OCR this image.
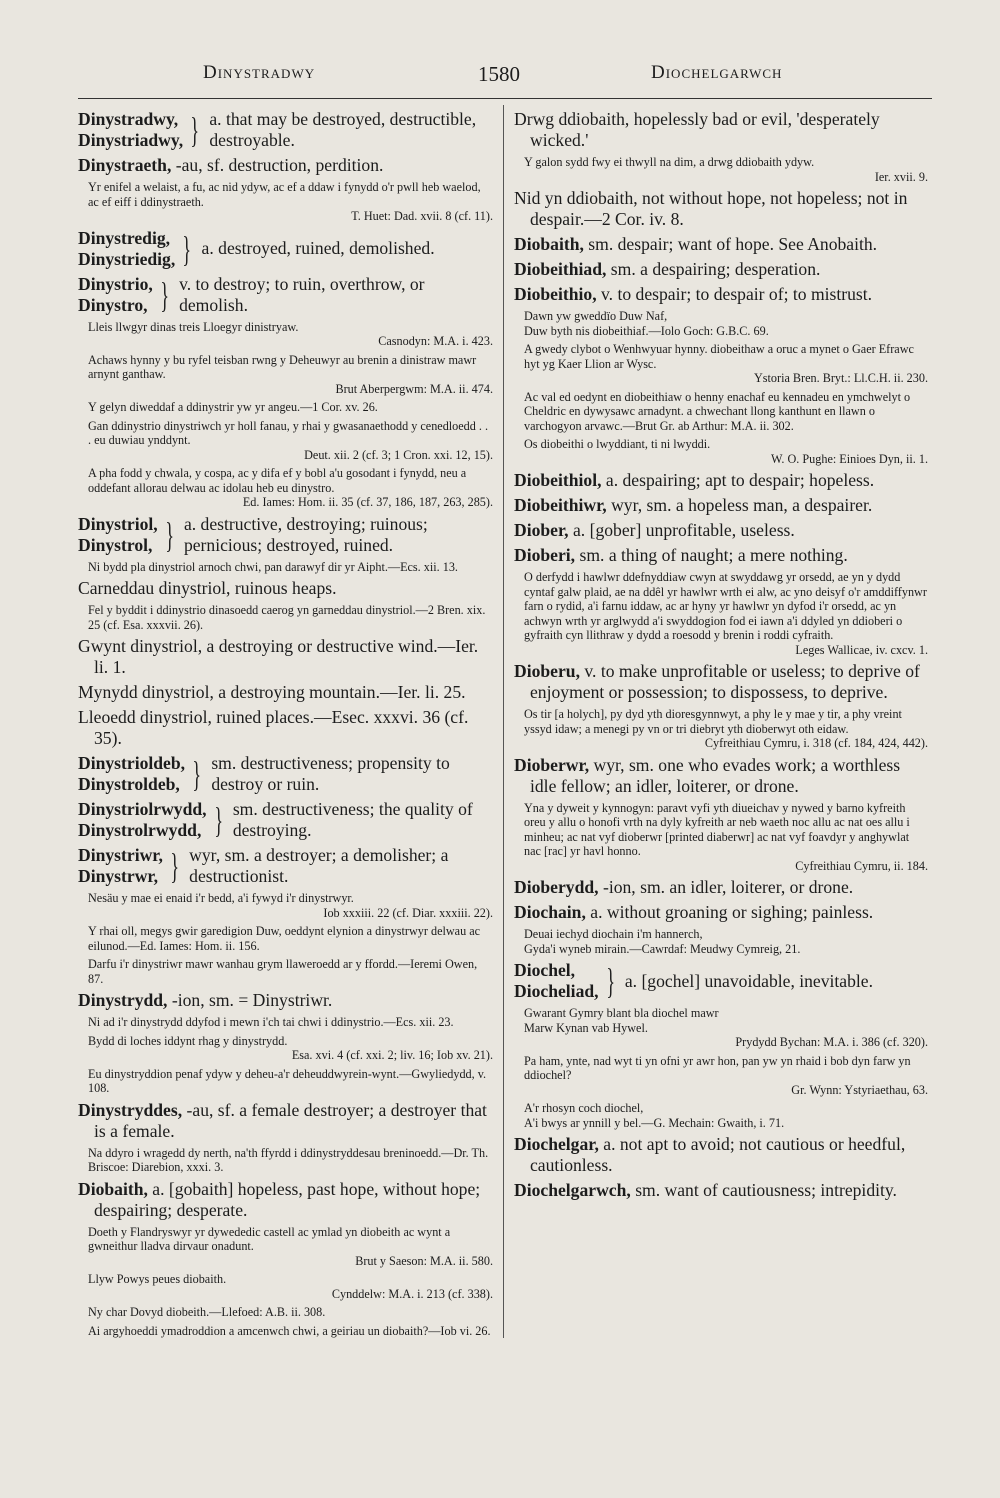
Dinystradwy	1580	Diochelgarwch
Dinystradwy,
Dinystriadwy, } a. that may be destroyed, destructible, destroyable.
Dinystraeth, -au, sf. destruction, perdition.
Yr enifel a welaist, a fu, ac nid ydyw, ac ef a ddaw i fynydd o'r pwll heb waelod, ac ef eiff i ddinystraeth.
T. Huet: Dad. xvii. 8 (cf. 11).
Dinystredig,
Dinystriedig, } a. destroyed, ruined, demolished.
Dinystrio,
Dinystro, } v. to destroy; to ruin, overthrow, or demolish.
Lleis llwgyr dinas treis Lloegyr dinistryaw.
Casnodyn: M.A. i. 423.
Achaws hynny y bu ryfel teisban rwng y Deheuwyr au brenin a dinistraw mawr arnynt ganthaw.
Brut Aberpergwm: M.A. ii. 474.
Y gelyn diweddaf a ddinystrir yw yr angeu.—1 Cor. xv. 26.
Gan ddinystrio dinystriwch yr holl fanau, y rhai y gwasanaethodd y cenedloedd . . . eu duwiau ynddynt.
Deut. xii. 2 (cf. 3; 1 Cron. xxi. 12, 15).
A pha fodd y chwala, y cospa, ac y difa ef y bobl a'u gosodant i fynydd, neu a oddefant allorau delwau ac idolau heb eu dinystro.
Ed. Iames: Hom. ii. 35 (cf. 37, 186, 187, 263, 285).
Dinystriol,
Dinystrol, } a. destructive, destroying; ruinous; pernicious; destroyed, ruined.
Ni bydd pla dinystriol arnoch chwi, pan darawyf dir yr Aipht.—Ecs. xii. 13.
Carneddau dinystriol, ruinous heaps.
Fel y byddit i ddinystrio dinasoedd caerog yn garneddau dinystriol.—2 Bren. xix. 25 (cf. Esa. xxxvii. 26).
Gwynt dinystriol, a destroying or destructive wind.—Ier. li. 1.
Mynydd dinystriol, a destroying mountain.—Ier. li. 25.
Lleoedd dinystriol, ruined places.—Esec. xxxvi. 36 (cf. 35).
Dinystrioldeb,
Dinystroldeb, } sm. destructiveness; propensity to destroy or ruin.
Dinystriolrwydd,
Dinystrolrwydd, } sm. destructiveness; the quality of destroying.
Dinystriwr,
Dinystrwr, } wyr, sm. a destroyer; a demolisher; a destructionist.
Nesäu y mae ei enaid i'r bedd, a'i fywyd i'r dinystrwyr.
Iob xxxiii. 22 (cf. Diar. xxxiii. 22).
Y rhai oll, megys gwir garedigion Duw, oeddynt elynion a dinystrwyr delwau ac eilunod.—Ed. Iames: Hom. ii. 156.
Darfu i'r dinystriwr mawr wanhau grym llaweroedd ar y ffordd.—Ieremi Owen, 87.
Dinystrydd, -ion, sm. = Dinystriwr.
Ni ad i'r dinystrydd ddyfod i mewn i'ch tai chwi i ddinystrio.—Ecs. xii. 23.
Bydd di loches iddynt rhag y dinystrydd.
Esa. xvi. 4 (cf. xxi. 2; liv. 16; Iob xv. 21).
Eu dinystryddion penaf ydyw y deheu-a'r deheuddwyrein-wynt.—Gwyliedydd, v. 108.
Dinystryddes, -au, sf. a female destroyer; a destroyer that is a female.
Na ddyro i wragedd dy nerth, na'th ffyrdd i ddinystryddesau breninoedd.—Dr. Th. Briscoe: Diarebion, xxxi. 3.
Diobaith, a. [gobaith] hopeless, past hope, without hope; despairing; desperate.
Doeth y Flandryswyr yr dywededic castell ac ymlad yn diobeith ac wynt a gwneithur lladva dirvaur onadunt.
Brut y Saeson: M.A. ii. 580.
Llyw Powys peues diobaith.
Cynddelw: M.A. i. 213 (cf. 338).
Ny char Dovyd diobeith.—Llefoed: A.B. ii. 308.
Ai argyhoeddi ymadroddion a amcenwch chwi, a geiriau un diobaith?—Iob vi. 26.
Drwg ddiobaith, hopelessly bad or evil, 'desperately wicked.'
Y galon sydd fwy ei thwyll na dim, a drwg ddiobaith ydyw.
Ier. xvii. 9.
Nid yn ddiobaith, not without hope, not hopeless; not in despair.—2 Cor. iv. 8.
Diobaith, sm. despair; want of hope. See Anobaith.
Diobeithiad, sm. a despairing; desperation.
Diobeithio, v. to despair; to despair of; to mistrust.
Dawn yw gweddïo Duw Naf,
Duw byth nis diobeithiaf.—Iolo Goch: G.B.C. 69.
A gwedy clybot o Wenhwyuar hynny. diobeithaw a oruc a mynet o Gaer Efrawc hyt yg Kaer Llion ar Wysc.
Ystoria Bren. Bryt.: Ll.C.H. ii. 230.
Ac val ed oedynt en diobeithiaw o henny enachaf eu kennadeu en ymchwelyt o Cheldric en dywysawc arnadynt. a chwechant llong kanthunt en llawn o varchogyon arvawc.—Brut Gr. ab Arthur: M.A. ii. 302.
Os diobeithi o lwyddiant, ti ni lwyddi.
W. O. Pughe: Einioes Dyn, ii. 1.
Diobeithiol, a. despairing; apt to despair; hopeless.
Diobeithiwr, wyr, sm. a hopeless man, a despairer.
Diober, a. [gober] unprofitable, useless.
Dioberi, sm. a thing of naught; a mere nothing.
O derfydd i hawlwr ddefnyddiaw cwyn at swyddawg yr orsedd, ae yn y dydd cyntaf galw plaid, ae na ddêl yr hawlwr wrth ei alw, ac yno deisyf o'r amddiffynwr farn o rydid, a'i farnu iddaw, ac ar hyny yr hawlwr yn dyfod i'r orsedd, ac yn achwyn wrth yr arglwydd a'i swyddogion fod ei iawn a'i ddyled yn ddioberi o gyfraith cyn llithraw y dydd a roesodd y brenin i roddi cyfraith.
Leges Wallicae, iv. cxcv. 1.
Dioberu, v. to make unprofitable or useless; to deprive of enjoyment or possession; to dispossess, to deprive.
Os tir [a holych], py dyd yth dioresgynnwyt, a phy le y mae y tir, a phy vreint yssyd idaw; a menegi py vn or tri diebryt yth dioberwyt oth eidaw.
Cyfreithiau Cymru, i. 318 (cf. 184, 424, 442).
Dioberwr, wyr, sm. one who evades work; a worthless idle fellow; an idler, loiterer, or drone.
Yna y dyweit y kynnogyn: paravt vyfi yth diueichav y nywed y barno kyfreith oreu y allu o honofi vrth na dyly kyfreith ar neb waeth noc allu ac nat oes allu i minheu; ac nat vyf dioberwr [printed diaberwr] ac nat vyf foavdyr y anghywlat nac [rac] yr havl honno.
Cyfreithiau Cymru, ii. 184.
Dioberydd, -ion, sm. an idler, loiterer, or drone.
Diochain, a. without groaning or sighing; painless.
Deuai iechyd diochain i'm hannerch,
Gyda'i wyneb mirain.—Cawrdaf: Meudwy Cymreig, 21.
Diochel,
Diocheliad, } a. [gochel] unavoidable, inevitable.
Gwarant Gymry blant bla diochel mawr
Marw Kynan vab Hywel.
Prydydd Bychan: M.A. i. 386 (cf. 320).
Pa ham, ynte, nad wyt ti yn ofni yr awr hon, pan yw yn rhaid i bob dyn farw yn ddiochel?
Gr. Wynn: Ystyriaethau, 63.
A'r rhosyn coch diochel,
A'i bwys ar ynnill y bel.—G. Mechain: Gwaith, i. 71.
Diochelgar, a. not apt to avoid; not cautious or heedful, cautionless.
Diochelgarwch, sm. want of cautiousness; intrepidity.
